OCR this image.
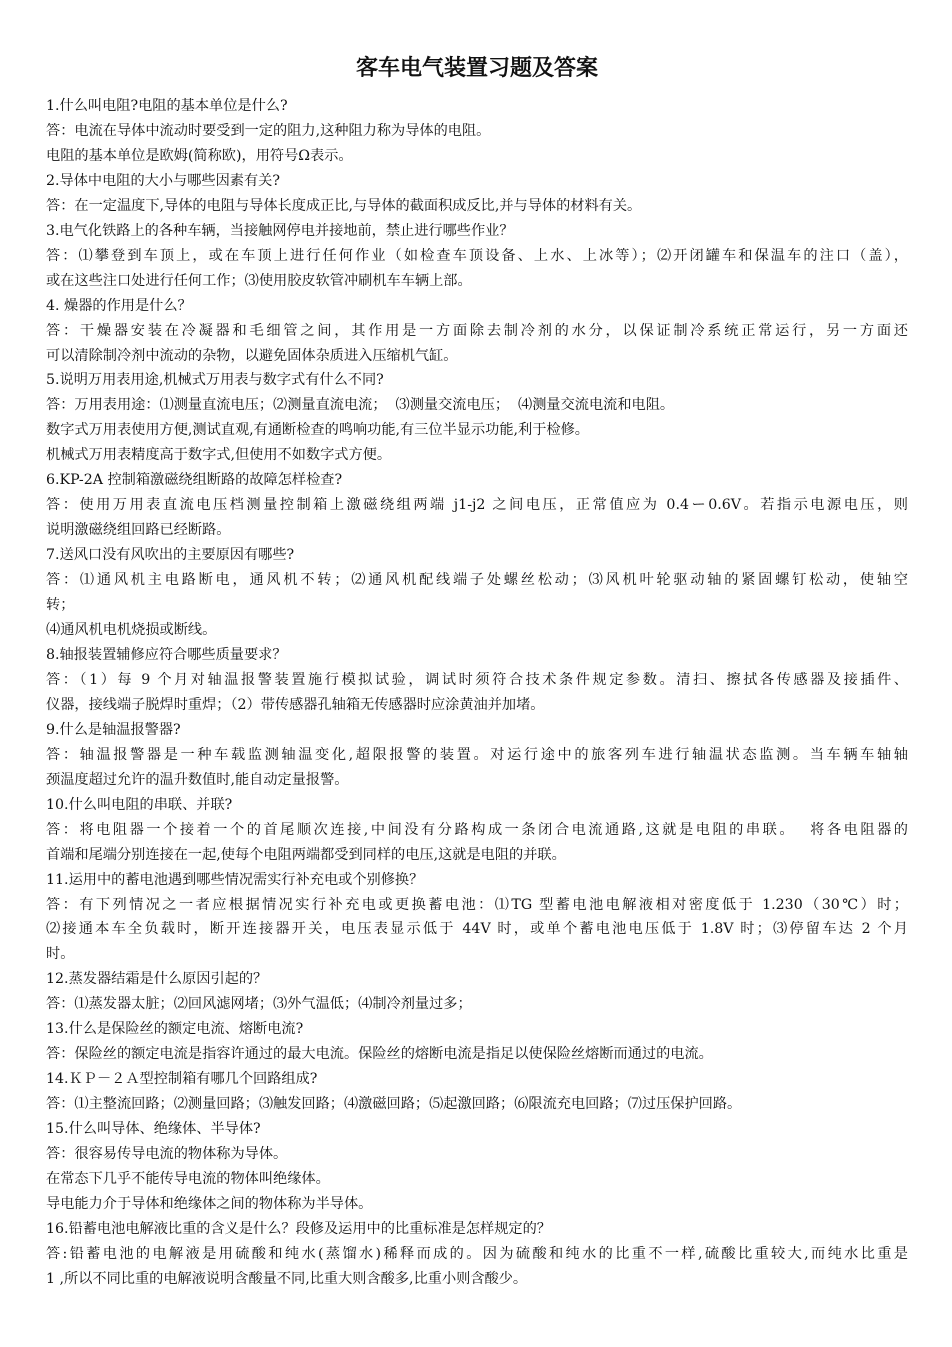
客车电气装置习题及答案
1.什么叫电阻?电阻的基本单位是什么?
答：电流在导体中流动时要受到一定的阻力,这种阻力称为导体的电阻。
电阻的基本单位是欧姆(简称欧)，用符号Ω表示。
2.导体中电阻的大小与哪些因素有关?
答：在一定温度下,导体的电阻与导体长度成正比,与导体的截面积成反比,并与导体的材料有关。
3.电气化铁路上的各种车辆，当接触网停电并接地前，禁止进行哪些作业？
答：⑴攀登到车顶上，或在车顶上进行任何作业（如检查车顶设备、上水、上冰等）；⑵开闭罐车和保温车的注口（盖），
或在这些注口处进行任何工作；⑶使用胶皮软管冲刷机车车辆上部。
4. 燥器的作用是什么？
答：干燥器安装在冷凝器和毛细管之间，其作用是一方面除去制冷剂的水分，以保证制冷系统正常运行，另一方面还
可以清除制冷剂中流动的杂物，以避免固体杂质进入压缩机气缸。
5.说明万用表用途,机械式万用表与数字式有什么不同?
答：万用表用途：⑴测量直流电压；⑵测量直流电流；  ⑶测量交流电压；  ⑷测量交流电流和电阻。
数字式万用表使用方便,测试直观,有通断检查的鸣响功能,有三位半显示功能,利于检修。
机械式万用表精度高于数字式,但使用不如数字式方便。
6.KP-2A 控制箱激磁绕组断路的故障怎样检查?
答：使用万用表直流电压档测量控制箱上激磁绕组两端 j1-j2 之间电压，正常值应为 0.4ー0.6V。若指示电源电压，则
说明激磁绕组回路已经断路。
7.送风口没有风吹出的主要原因有哪些?
答：⑴通风机主电路断电，通风机不转；⑵通风机配线端子处螺丝松动；⑶风机叶轮驱动轴的紧固螺钉松动，使轴空
转；
⑷通风机电机烧损或断线。
8.轴报装置辅修应符合哪些质量要求？
答：（1）每 9 个月对轴温报警装置施行模拟试验，调试时须符合技术条件规定参数。清扫、擦拭各传感器及接插件、
仪器，接线端子脱焊时重焊；（2）带传感器孔轴箱无传感器时应涂黄油并加堵。
9.什么是轴温报警器?
答：轴温报警器是一种车载监测轴温变化,超限报警的装置。对运行途中的旅客列车进行轴温状态监测。当车辆车轴轴
颈温度超过允许的温升数值时,能自动定量报警。
10.什么叫电阻的串联、并联?
答：将电阻器一个接着一个的首尾顺次连接,中间没有分路构成一条闭合电流通路,这就是电阻的串联。  将各电阻器的
首端和尾端分别连接在一起,使每个电阻两端都受到同样的电压,这就是电阻的并联。
11.运用中的蓄电池遇到哪些情况需实行补充电或个别修换？
答：有下列情况之一者应根据情况实行补充电或更换蓄电池：⑴TG 型蓄电池电解液相对密度低于 1.230（30℃）时；
⑵接通本车全负载时，断开连接器开关，电压表显示低于 44V 时，或单个蓄电池电压低于 1.8V 时；⑶停留车达 2 个月
时。
12.蒸发器结霜是什么原因引起的？
答：⑴蒸发器太脏；⑵回风滤网堵；⑶外气温低；⑷制冷剂量过多；
13.什么是保险丝的额定电流、熔断电流?
答：保险丝的额定电流是指容许通过的最大电流。保险丝的熔断电流是指足以使保险丝熔断而通过的电流。
14.ＫＰ－２Ａ型控制箱有哪几个回路组成?
答：⑴主整流回路；⑵测量回路；⑶触发回路；⑷激磁回路；⑸起激回路；⑹限流充电回路；⑺过压保护回路。
15.什么叫导体、绝缘体、半导体?
答：很容易传导电流的物体称为导体。
在常态下几乎不能传导电流的物体叫绝缘体。
导电能力介于导体和绝缘体之间的物体称为半导体。
16.铅蓄电池电解液比重的含义是什么？段修及运用中的比重标准是怎样规定的？
答:铅蓄电池的电解液是用硫酸和纯水(蒸馏水)稀释而成的。因为硫酸和纯水的比重不一样,硫酸比重较大,而纯水比重是
1 ,所以不同比重的电解液说明含酸量不同,比重大则含酸多,比重小则含酸少。
